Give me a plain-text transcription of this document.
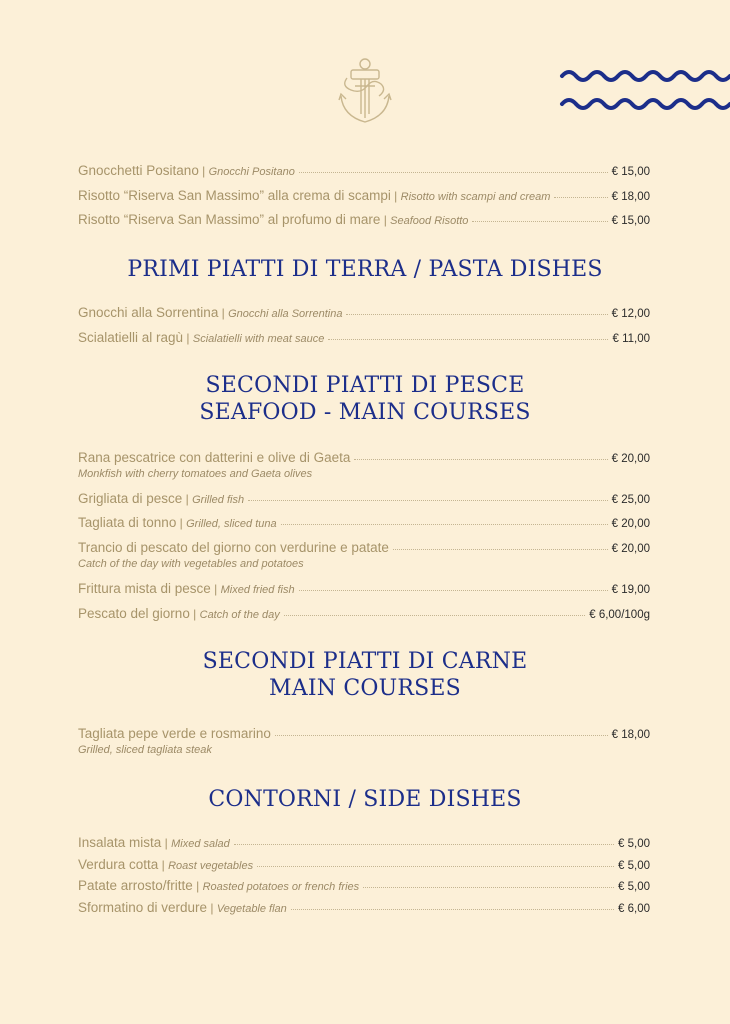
Gnocchetti Positano | Gnocchi Positano	€ 15,00
Risotto “Riserva San Massimo” alla crema di scampi | Risotto with scampi and cream	€ 18,00
Risotto “Riserva San Massimo” al profumo di mare | Seafood Risotto	€ 15,00
PRIMI PIATTI DI TERRA / PASTA DISHES
Gnocchi alla Sorrentina | Gnocchi alla Sorrentina	€ 12,00
Scialatielli al ragù | Scialatielli with meat sauce	€ 11,00
SECONDI PIATTI DI PESCE
SEAFOOD - MAIN COURSES
Rana pescatrice con datterini e olive di Gaeta	€ 20,00
Monkfish with cherry tomatoes and Gaeta olives
Grigliata di pesce | Grilled fish	€ 25,00
Tagliata di tonno | Grilled, sliced tuna	€ 20,00
Trancio di pescato del giorno con verdurine e patate	€ 20,00
Catch of the day with vegetables and potatoes
Frittura mista di pesce | Mixed fried fish	€ 19,00
Pescato del giorno | Catch of the day	€ 6,00/100g
SECONDI PIATTI DI CARNE
MAIN COURSES
Tagliata pepe verde e rosmarino	€ 18,00
Grilled, sliced tagliata steak
CONTORNI / SIDE DISHES
Insalata mista | Mixed salad	€ 5,00
Verdura cotta | Roast vegetables	€ 5,00
Patate arrosto/fritte | Roasted potatoes or french fries	€ 5,00
Sformatino di verdure | Vegetable flan	€ 6,00
